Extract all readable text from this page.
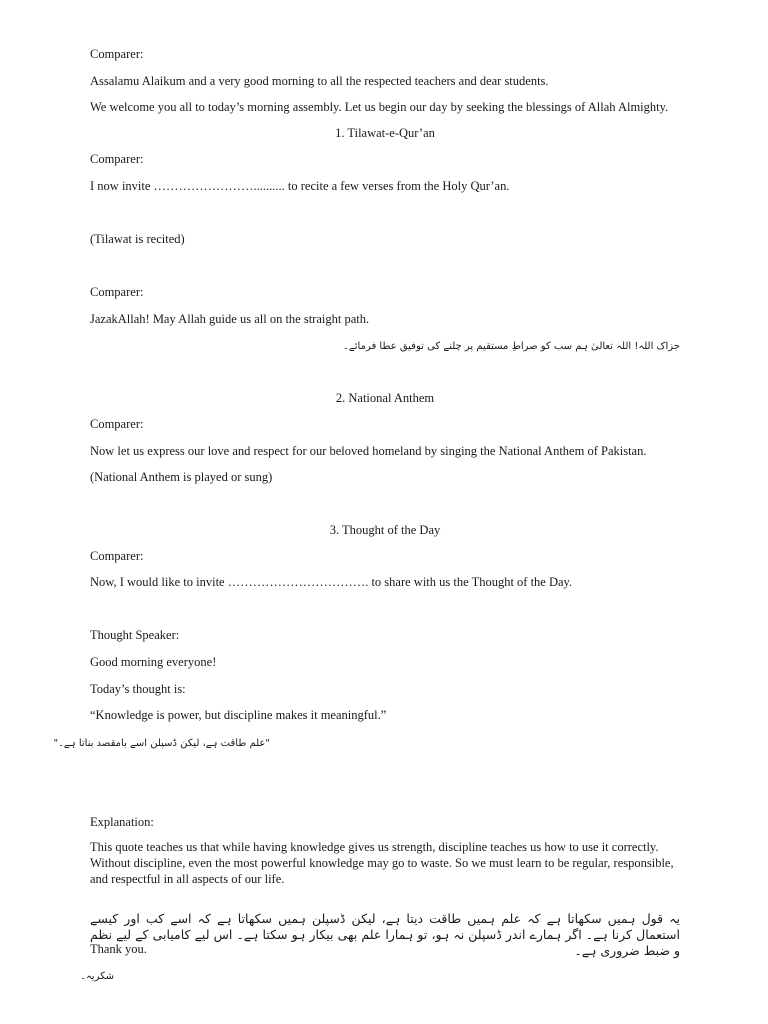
Comparer:

Assalamu Alaikum and a very good morning to all the respected teachers and dear students.

We welcome you all to today’s morning assembly. Let us begin our day by seeking the blessings of Allah Almighty.

1. Tilawat-e-Qur’an

Comparer:

I now invite …………………….......... to recite a few verses from the Holy Qur’an.

(Tilawat is recited)

Comparer:

JazakAllah! May Allah guide us all on the straight path.

جزاک اللہ! اللہ تعالیٰ ہم سب کو صراطِ مستقیم پر چلنے کی توفیق عطا فرمائے۔

2. National Anthem

Comparer:

Now let us express our love and respect for our beloved homeland by singing the National Anthem of Pakistan.

(National Anthem is played or sung)

3. Thought of the Day

Comparer:

Now, I would like to invite ……………………………. to share with us the Thought of the Day.

Thought Speaker:

Good morning everyone!

Today’s thought is:

“Knowledge is power, but discipline makes it meaningful.”

"علم طاقت ہے، لیکن ڈسپلن اسے بامقصد بناتا ہے۔"

Explanation:

This quote teaches us that while having knowledge gives us strength, discipline teaches us how to use it correctly. Without discipline, even the most powerful knowledge may go to waste. So we must learn to be regular, responsible, and respectful in all aspects of our life.

یہ قول ہمیں سکھاتا ہے کہ علم ہمیں طاقت دیتا ہے، لیکن ڈسپلن ہمیں سکھاتا ہے کہ اسے کب اور کیسے استعمال کرنا ہے۔ اگر ہمارے اندر ڈسپلن نہ ہو، تو ہمارا علم بھی بیکار ہو سکتا ہے۔ اس لیے کامیابی کے لیے نظم و ضبط ضروری ہے۔

Thank you.

شکریہ۔
